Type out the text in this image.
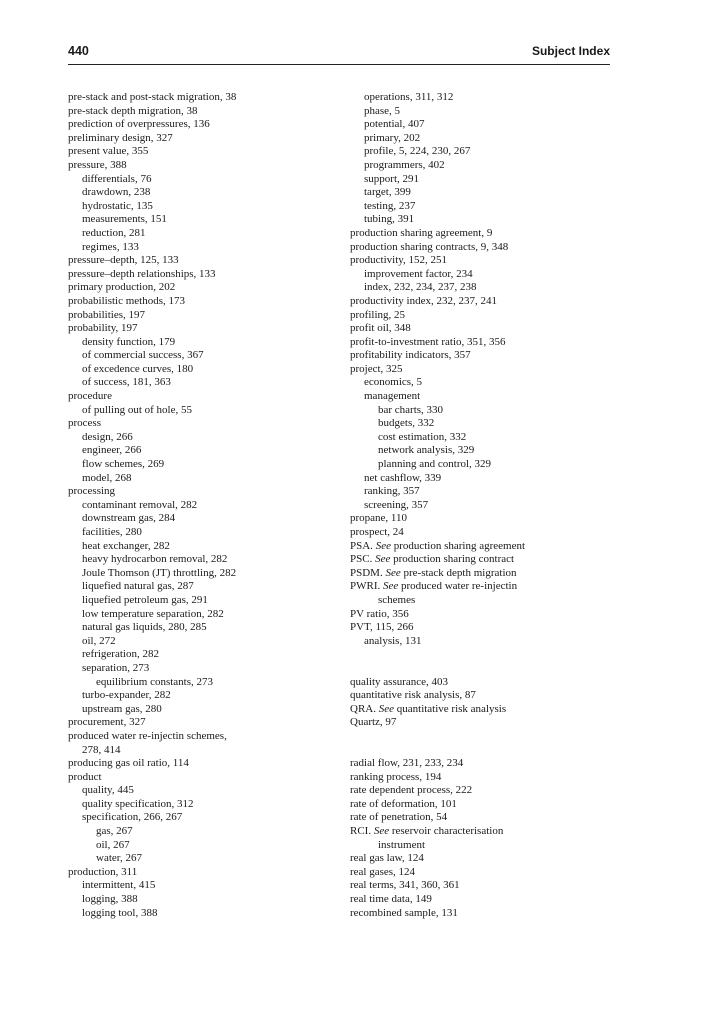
440	Subject Index
pre-stack and post-stack migration, 38
pre-stack depth migration, 38
prediction of overpressures, 136
preliminary design, 327
present value, 355
pressure, 388
differentials, 76
drawdown, 238
hydrostatic, 135
measurements, 151
reduction, 281
regimes, 133
pressure–depth, 125, 133
pressure–depth relationships, 133
primary production, 202
probabilistic methods, 173
probabilities, 197
probability, 197
density function, 179
of commercial success, 367
of excedence curves, 180
of success, 181, 363
procedure
of pulling out of hole, 55
process
design, 266
engineer, 266
flow schemes, 269
model, 268
processing
contaminant removal, 282
downstream gas, 284
facilities, 280
heat exchanger, 282
heavy hydrocarbon removal, 282
Joule Thomson (JT) throttling, 282
liquefied natural gas, 287
liquefied petroleum gas, 291
low temperature separation, 282
natural gas liquids, 280, 285
oil, 272
refrigeration, 282
separation, 273
equilibrium constants, 273
turbo-expander, 282
upstream gas, 280
procurement, 327
produced water re-injectin schemes,
278, 414
producing gas oil ratio, 114
product
quality, 445
quality specification, 312
specification, 266, 267
gas, 267
oil, 267
water, 267
production, 311
intermittent, 415
logging, 388
logging tool, 388
operations, 311, 312
phase, 5
potential, 407
primary, 202
profile, 5, 224, 230, 267
programmers, 402
support, 291
target, 399
testing, 237
tubing, 391
production sharing agreement, 9
production sharing contracts, 9, 348
productivity, 152, 251
improvement factor, 234
index, 232, 234, 237, 238
productivity index, 232, 237, 241
profiling, 25
profit oil, 348
profit-to-investment ratio, 351, 356
profitability indicators, 357
project, 325
economics, 5
management
bar charts, 330
budgets, 332
cost estimation, 332
network analysis, 329
planning and control, 329
net cashflow, 339
ranking, 357
screening, 357
propane, 110
prospect, 24
PSA. See production sharing agreement
PSC. See production sharing contract
PSDM. See pre-stack depth migration
PWRI. See produced water re-injectin
schemes
PV ratio, 356
PVT, 115, 266
analysis, 131
quality assurance, 403
quantitative risk analysis, 87
QRA. See quantitative risk analysis
Quartz, 97
radial flow, 231, 233, 234
ranking process, 194
rate dependent process, 222
rate of deformation, 101
rate of penetration, 54
RCI. See reservoir characterisation
instrument
real gas law, 124
real gases, 124
real terms, 341, 360, 361
real time data, 149
recombined sample, 131
